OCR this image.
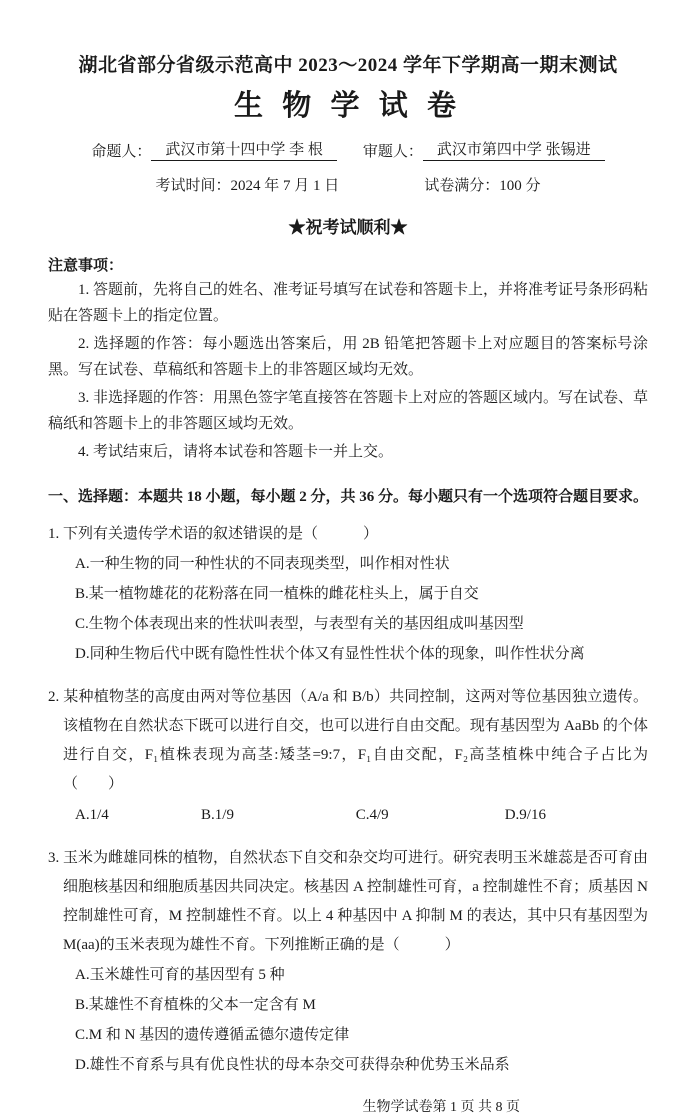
湖北省部分省级示范高中 2023～2024 学年下学期高一期末测试
生 物 学 试 卷
命题人： 武汉市第十四中学 李 根	审题人： 武汉市第四中学 张锡进
考试时间：2024 年 7 月 1 日	试卷满分：100 分
★祝考试顺利★
注意事项：

1. 答题前，先将自己的姓名、准考证号填写在试卷和答题卡上，并将准考证号条形码粘贴在答题卡上的指定位置。

2. 选择题的作答：每小题选出答案后，用 2B 铅笔把答题卡上对应题目的答案标号涂黑。写在试卷、草稿纸和答题卡上的非答题区域均无效。

3. 非选择题的作答：用黑色签字笔直接答在答题卡上对应的答题区域内。写在试卷、草稿纸和答题卡上的非答题区域均无效。

4. 考试结束后，请将本试卷和答题卡一并上交。

一、选择题：本题共 18 小题，每小题 2 分，共 36 分。每小题只有一个选项符合题目要求。

1. 下列有关遗传学术语的叙述错误的是（　　　）

A.一种生物的同一种性状的不同表现类型，叫作相对性状
B.某一植物雄花的花粉落在同一植株的雌花柱头上，属于自交
C.生物个体表现出来的性状叫表型，与表型有关的基因组成叫基因型
D.同种生物后代中既有隐性性状个体又有显性性状个体的现象，叫作性状分离

2. 某种植物茎的高度由两对等位基因（A/a 和 B/b）共同控制，这两对等位基因独立遗传。该植物在自然状态下既可以进行自交，也可以进行自由交配。现有基因型为 AaBb 的个体进行自交，F₁植株表现为高茎:矮茎=9:7，F₁自由交配，F₂高茎植株中纯合子占比为（　　）

A.1/4	B.1/9	C.4/9	D.9/16

3. 玉米为雌雄同株的植物，自然状态下自交和杂交均可进行。研究表明玉米雄蕊是否可育由细胞核基因和细胞质基因共同决定。核基因 A 控制雄性可育，a 控制雄性不育；质基因 N 控制雄性可育，M 控制雄性不育。以上 4 种基因中 A 抑制 M 的表达，其中只有基因型为 M(aa)的玉米表现为雄性不育。下列推断正确的是（　　　）

A.玉米雄性可育的基因型有 5 种
B.某雄性不育植株的父本一定含有 M
C.M 和 N 基因的遗传遵循孟德尔遗传定律
D.雄性不育系与具有优良性状的母本杂交可获得杂种优势玉米品系
生物学试卷第 1 页 共 8 页
